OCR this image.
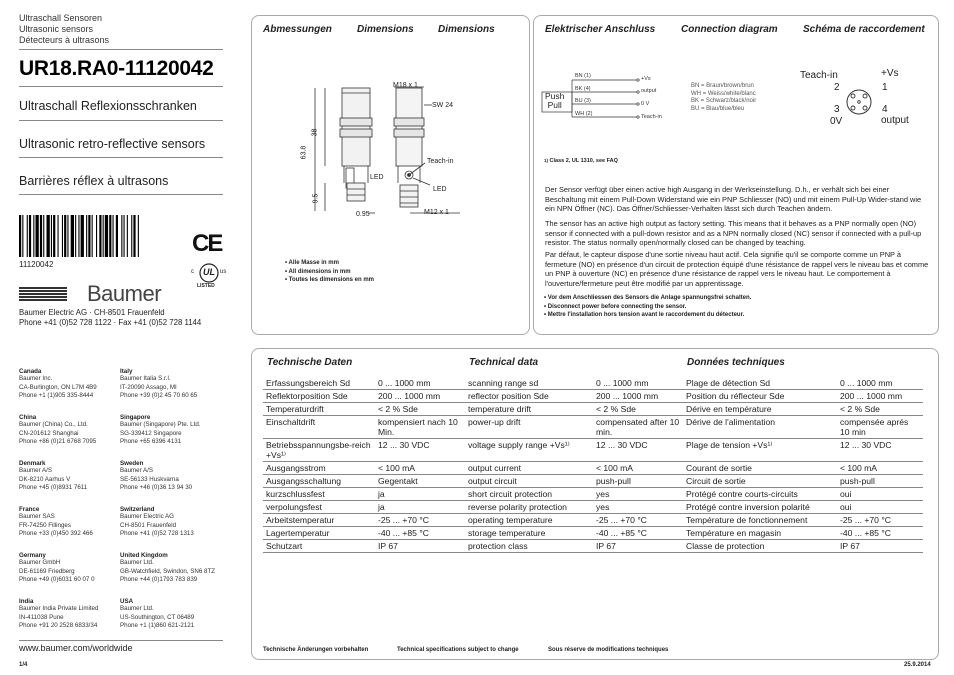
Ultraschall Sensoren
Ultrasonic sensors
Détecteurs à ultrasons
UR18.RA0-11120042
Ultraschall Reflexionsschranken
Ultrasonic retro-reflective sensors
Barrières réflex à ultrasons
11120042
CE
UL
c	us
LISTED
Baumer
Baumer Electric AG · CH-8501 Frauenfeld
Phone +41 (0)52 728 1122 · Fax +41 (0)52 728 1144
Abmessungen	Dimensions Dimensions
M18 x 1
SW 24
38
63.8
9.5
Teach-in
LED
LED
0.95	M12 x 1
• Alle Masse in mm
• All dimensions in mm
• Toutes les dimensions en mm
Elektrischer Anschluss	Connection diagram	Schéma de raccordement
BN (1)
BK (4)
BU (3)
WH (2)
Push
Pull
+Vs
output
0 V
Teach-in
BN = Braun/brown/brun
WH = Weiss/white/blanc
BK = Schwarz/black/noir
BU = Blau/blue/bleu
Teach-in	+Vs
2	1
3	4
0V	output
$^{1)}$ Class 2, UL 1310, see FAQ
Der Sensor verfügt über einen active high Ausgang in der Werkseinstellung. D.h., er verhält sich bei einer Beschaltung mit einem Pull-Down Widerstand wie ein PNP Schliesser (NO) und mit einem Pull-Up Wider-stand wie ein NPN Öffner (NC). Das Öffner/Schliesser-Verhalten lässt sich durch Teachen ändern.
The sensor has an active high output as factory setting. This means that it behaves as a PNP normally open (NO) sensor if connected with a pull-down resistor and as a NPN normally closed (NC) sensor if connected with a pull-up resistor. The status normally open/normally closed can be changed by teaching.
Par défaut, le capteur dispose d'une sortie niveau haut actif. Cela signifie qu'il se comporte comme un PNP à fermeture (NO) en présence d'un circuit de protection équipé d'une résistance de rappel vers le niveau bas et comme un PNP à ouverture (NC) en présence d'une résistance de rappel vers le niveau haut. Le comportement à l'ouverture/fermeture peut être modifié par un apprentissage.
• Vor dem Anschliessen des Sensors die Anlage spannungsfrei schalten.
• Disconnect power before connecting the sensor.
• Mettre l'installation hors tension avant le raccordement du détecteur.
Canada
Baumer Inc.
CA-Burlington, ON L7M 4B9
Phone +1 (1)905 335-8444
Italy
Baumer Italia S.r.l.
IT-20090 Assago, MI
Phone +39 (0)2 45 70 60 65
China
Baumer (China) Co., Ltd.
CN-201612 Shanghai
Phone +86 (0)21 6768 7095
Singapore
Baumer (Singapore) Pte. Ltd.
SG-339412 Singapore
Phone +65 6396 4131
Denmark
Baumer A/S
DK-8210 Aarhus V
Phone +45 (0)8931 7611
Sweden
Baumer A/S
SE-56133 Huskvarna
Phone +46 (0)36 13 94 30
France
Baumer SAS
FR-74250 Fillinges
Phone +33 (0)450 392 466
Switzerland
Baumer Electric AG
CH-8501 Frauenfeld
Phone +41 (0)52 728 1313
Germany
Baumer GmbH
DE-61169 Friedberg
Phone +49 (0)6031 60 07 0
United Kingdom
Baumer Ltd.
GB-Watchfield, Swindon, SN6 8TZ
Phone +44 (0)1793 783 839
India
Baumer India Private Limited
IN-411038 Pune
Phone +91 20 2528 6833/34
USA
Baumer Ltd.
US-Southington, CT 06489
Phone +1 (1)860 621-2121
www.baumer.com/worldwide
1/4
Technische Daten	Technical data	Données techniques
Erfassungsbereich Sd	0 ... 1000 mm	scanning range sd	0 ... 1000 mm	Plage de détection Sd	0 ... 1000 mm
Reflektorposition Sde	200 ... 1000 mm	reflector position Sde	200 ... 1000 mm	Position du réflecteur Sde	200 ... 1000 mm
Temperaturdrift	< 2 % Sde	temperature drift	< 2 % Sde	Dérive en température	< 2 % Sde
Einschaltdrift	kompensiert nach 10 Min.	power-up drift	compensated after 10 min.	Dérive de l'alimentation	compensée aprés 10 min
Betriebsspannungsbe-reich +Vs¹⁾	12 ... 30 VDC	voltage supply range +Vs¹⁾	12 ... 30 VDC	Plage de tension +Vs¹⁾	12 ... 30 VDC
Ausgangsstrom	< 100 mA	output current	< 100 mA	Courant de sortie	< 100 mA
Ausgangsschaltung	Gegentakt	output circuit	push-pull	Circuit de sortie	push-pull
kurzschlussfest	ja	short circuit protection	yes	Protégé contre courts-circuits	oui
verpolungsfest	ja	reverse polarity protection	yes	Protégé contre inversion polarité	oui
Arbeitstemperatur	-25 ... +70 °C	operating temperature	-25 ... +70 °C	Température de fonctionnement	-25 ... +70 °C
Lagertemperatur	-40 ... +85 °C	storage temperature	-40 ... +85 °C	Température en magasin	-40 ... +85 °C
Schutzart	IP 67	protection class	IP 67	Classe de protection	IP 67
Technische Änderungen vorbehalten	Technical specifications subject to change	Sous réserve de modifications techniques
25.9.2014
